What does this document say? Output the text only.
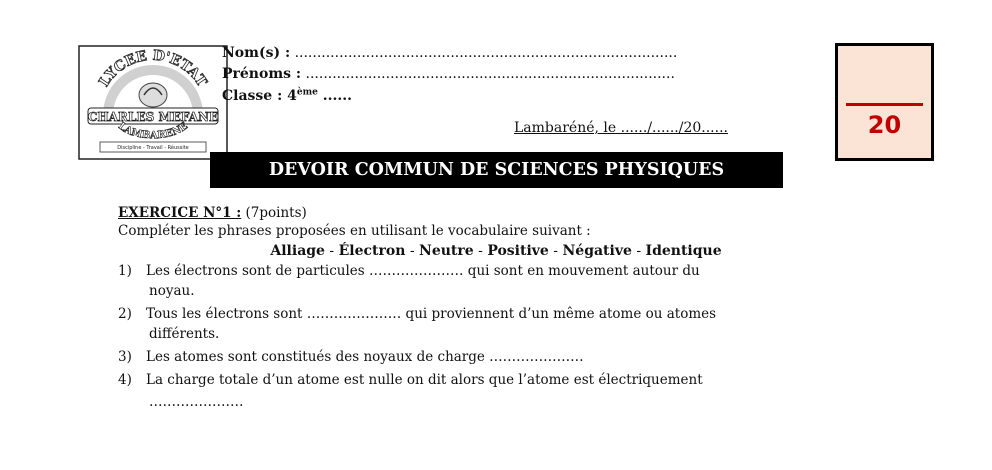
LYCEE D'ETAT
CHARLES MEFANE
LAMBARENE
Discipline - Travail - Réussite
Nom(s) : ......................................................................................
Prénoms : ...................................................................................
Classe : 4ème ......
Lambaréné, le ....../....../20......	20
DEVOIR COMMUN DE SCIENCES PHYSIQUES
EXERCICE N°1 : (7points)
Compléter les phrases proposées en utilisant le vocabulaire suivant :
Alliage - Électron - Neutre - Positive - Négative - Identique
1) Les électrons sont de particules ………………… qui sont en mouvement autour du
noyau.
2) Tous les électrons sont ………………… qui proviennent d’un même atome ou atomes
différents.
3) Les atomes sont constitués des noyaux de charge …………………
4) La charge totale d’un atome est nulle on dit alors que l’atome est électriquement
…………………
